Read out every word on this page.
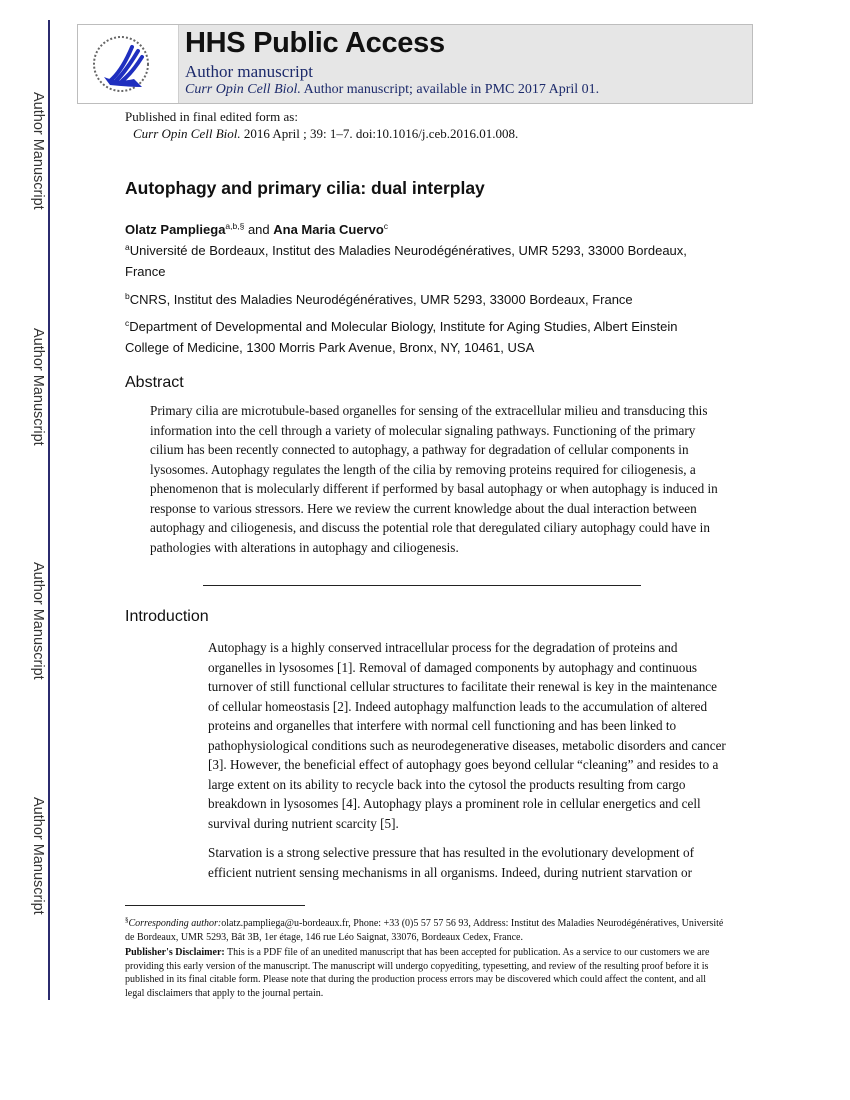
Author Manuscript
Author Manuscript
Author Manuscript
Author Manuscript
HHS Public Access
Author manuscript
Curr Opin Cell Biol. Author manuscript; available in PMC 2017 April 01.
Published in final edited form as:
Curr Opin Cell Biol. 2016 April ; 39: 1–7. doi:10.1016/j.ceb.2016.01.008.
Autophagy and primary cilia: dual interplay
Olatz Pampliega$^{a,b,\S}$ and Ana Maria Cuervo$^c$
$^a$Université de Bordeaux, Institut des Maladies Neurodégénératives, UMR 5293, 33000 Bordeaux, France
$^b$CNRS, Institut des Maladies Neurodégénératives, UMR 5293, 33000 Bordeaux, France
$^c$Department of Developmental and Molecular Biology, Institute for Aging Studies, Albert Einstein College of Medicine, 1300 Morris Park Avenue, Bronx, NY, 10461, USA
Abstract
Primary cilia are microtubule-based organelles for sensing of the extracellular milieu and transducing this information into the cell through a variety of molecular signaling pathways. Functioning of the primary cilium has been recently connected to autophagy, a pathway for degradation of cellular components in lysosomes. Autophagy regulates the length of the cilia by removing proteins required for ciliogenesis, a phenomenon that is molecularly different if performed by basal autophagy or when autophagy is induced in response to various stressors. Here we review the current knowledge about the dual interaction between autophagy and ciliogenesis, and discuss the potential role that deregulated ciliary autophagy could have in pathologies with alterations in autophagy and ciliogenesis.
Introduction

Autophagy is a highly conserved intracellular process for the degradation of proteins and organelles in lysosomes [1]. Removal of damaged components by autophagy and continuous turnover of still functional cellular structures to facilitate their renewal is key in the maintenance of cellular homeostasis [2]. Indeed autophagy malfunction leads to the accumulation of altered proteins and organelles that interfere with normal cell functioning and has been linked to pathophysiological conditions such as neurodegenerative diseases, metabolic disorders and cancer [3]. However, the beneficial effect of autophagy goes beyond cellular “cleaning” and resides to a large extent on its ability to recycle back into the cytosol the products resulting from cargo breakdown in lysosomes [4]. Autophagy plays a prominent role in cellular energetics and cell survival during nutrient scarcity [5].

Starvation is a strong selective pressure that has resulted in the evolutionary development of efficient nutrient sensing mechanisms in all organisms. Indeed, during nutrient starvation or

§Corresponding author:olatz.pampliega@u-bordeaux.fr, Phone: +33 (0)5 57 57 56 93, Address: Institut des Maladies Neurodégénératives, Université de Bordeaux, UMR 5293, Bât 3B, 1er étage, 146 rue Léo Saignat, 33076, Bordeaux Cedex, France.
Publisher's Disclaimer: This is a PDF file of an unedited manuscript that has been accepted for publication. As a service to our customers we are providing this early version of the manuscript. The manuscript will undergo copyediting, typesetting, and review of the resulting proof before it is published in its final citable form. Please note that during the production process errors may be discovered which could affect the content, and all legal disclaimers that apply to the journal pertain.
